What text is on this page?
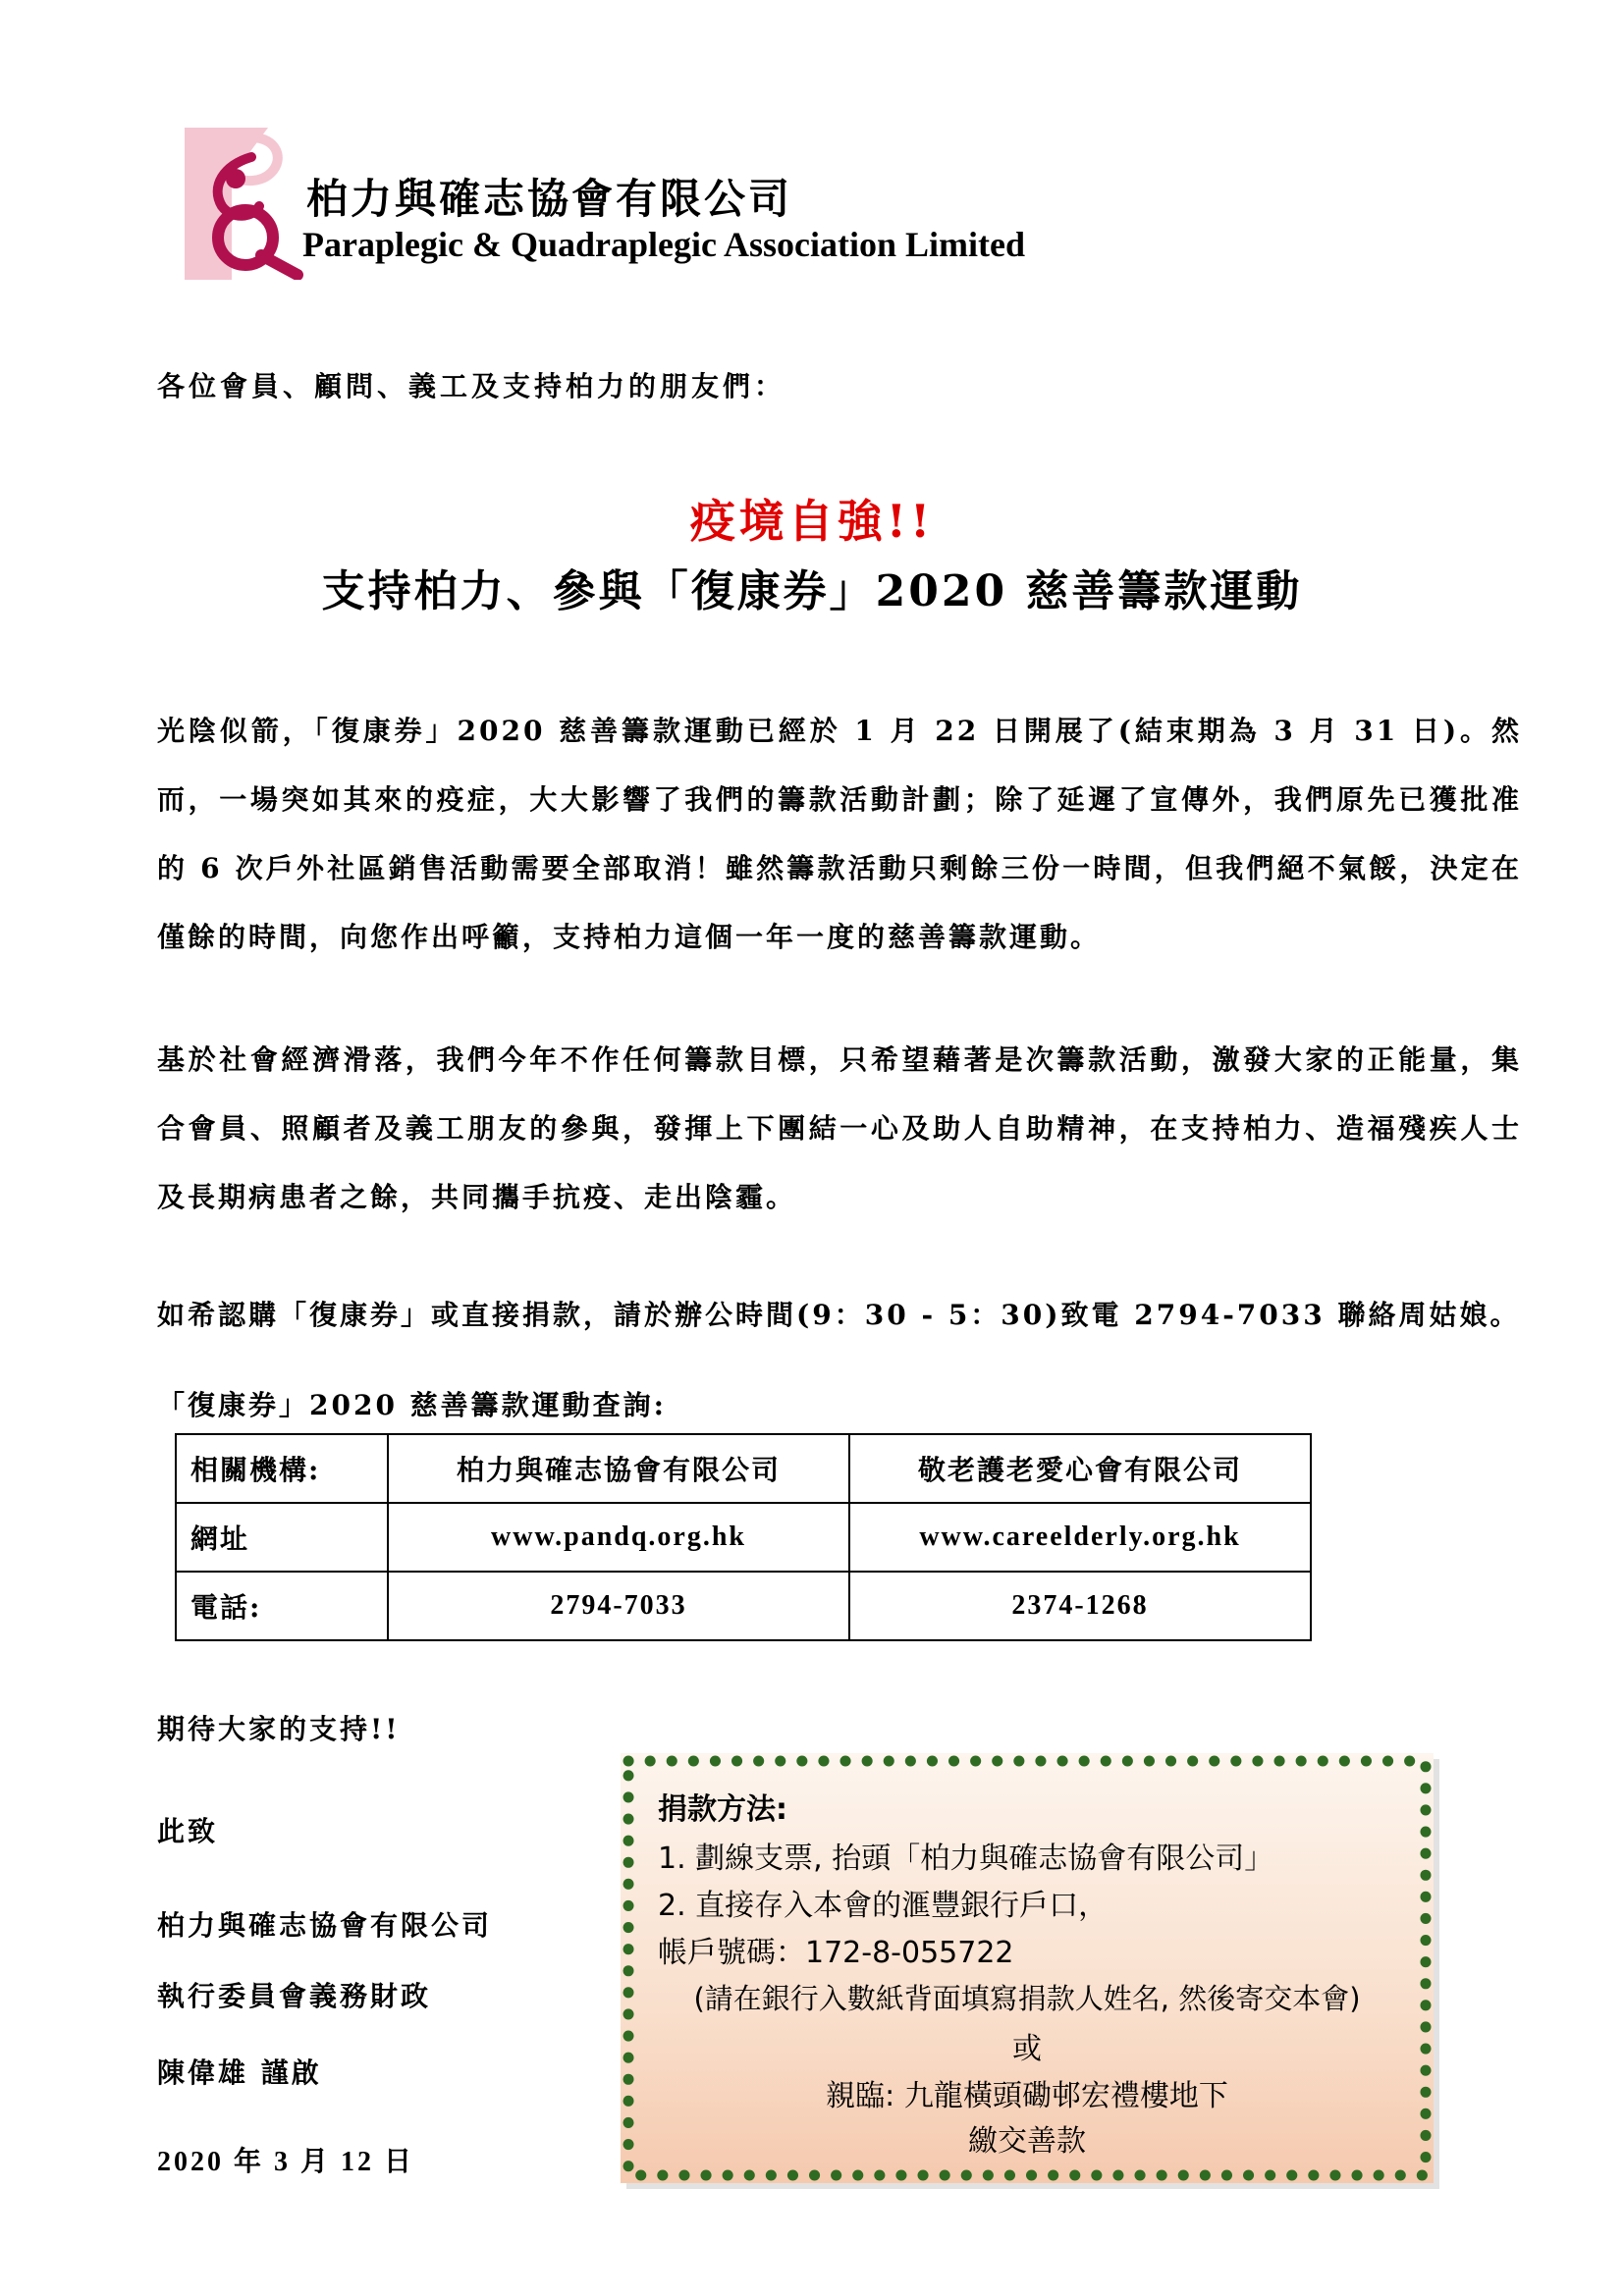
柏力與確志協會有限公司
Paraplegic & Quadraplegic Association Limited
各位會員、顧問、義工及支持柏力的朋友們：
疫境自強!!
支持柏力、參與「復康券」2020 慈善籌款運動
光陰似箭，「復康券」2020 慈善籌款運動已經於 1 月 22 日開展了(結束期為 3 月 31 日)。然而，一場突如其來的疫症，大大影響了我們的籌款活動計劃；除了延遲了宣傳外，我們原先已獲批准的 6 次戶外社區銷售活動需要全部取消！雖然籌款活動只剩餘三份一時間，但我們絕不氣餒，決定在僅餘的時間，向您作出呼籲，支持柏力這個一年一度的慈善籌款運動。
基於社會經濟滑落，我們今年不作任何籌款目標，只希望藉著是次籌款活動，激發大家的正能量，集合會員、照顧者及義工朋友的參與，發揮上下團結一心及助人自助精神，在支持柏力、造福殘疾人士及長期病患者之餘，共同攜手抗疫、走出陰霾。
如希認購「復康券」或直接捐款，請於辦公時間(9：30 - 5：30)致電 2794-7033 聯絡周姑娘。
「復康券」2020 慈善籌款運動查詢:
相關機構:	柏力與確志協會有限公司	敬老護老愛心會有限公司
網址	www.pandq.org.hk	www.careelderly.org.hk
電話:	2794-7033	2374-1268
期待大家的支持!!
此致
柏力與確志協會有限公司
執行委員會義務財政
陳偉雄 謹啟
2020 年 3 月 12 日
捐款方法:
1. 劃線支票, 抬頭「柏力與確志協會有限公司」
2. 直接存入本會的滙豐銀行戶口，
帳戶號碼：172-8-055722
(請在銀行入數紙背面填寫捐款人姓名, 然後寄交本會)
或
親臨: 九龍橫頭磡邨宏禮樓地下
繳交善款
